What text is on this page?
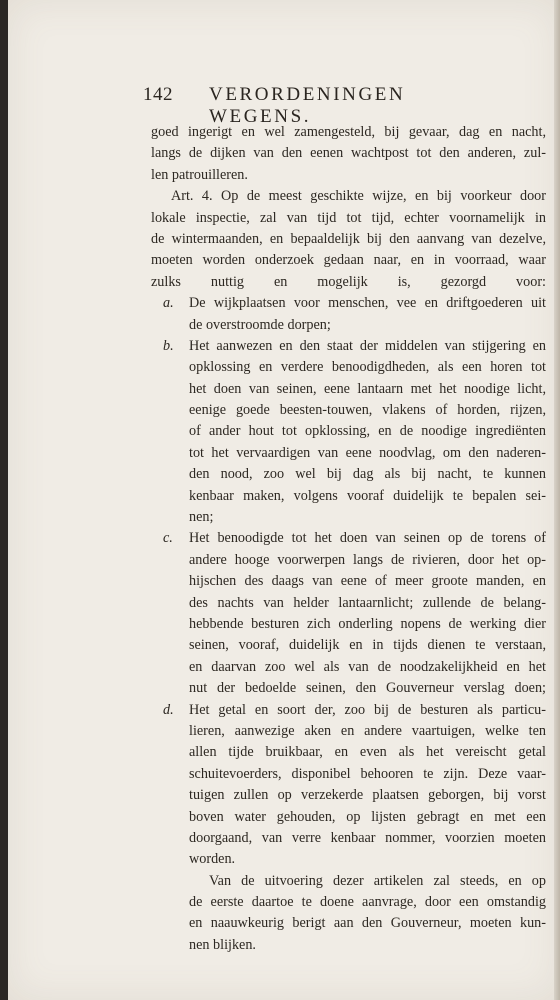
142 VERORDENINGEN WEGENS.
goed ingerigt en wel zamengesteld, bij gevaar, dag en nacht,
langs de dijken van den eenen wachtpost tot den anderen, zul-
len patrouilleren.
Art. 4. Op de meest geschikte wijze, en bij voorkeur door
lokale inspectie, zal van tijd tot tijd, echter voornamelijk in
de wintermaanden, en bepaaldelijk bij den aanvang van dezelve,
moeten worden onderzoek gedaan naar, en in voorraad, waar
zulks nuttig en mogelijk is, gezorgd voor:
a. De wijkplaatsen voor menschen, vee en driftgoederen uit
de overstroomde dorpen;
b. Het aanwezen en den staat der middelen van stijgering en
opklossing en verdere benoodigdheden, als een horen tot
het doen van seinen, eene lantaarn met het noodige licht,
eenige goede beesten-touwen, vlakens of horden, rijzen,
of ander hout tot opklossing, en de noodige ingrediënten
tot het vervaardigen van eene noodvlag, om den naderen-
den nood, zoo wel bij dag als bij nacht, te kunnen
kenbaar maken, volgens vooraf duidelijk te bepalen sei-
nen;
c. Het benoodigde tot het doen van seinen op de torens of
andere hooge voorwerpen langs de rivieren, door het op-
hijschen des daags van eene of meer groote manden, en
des nachts van helder lantaarnlicht; zullende de belang-
hebbende besturen zich onderling nopens de werking dier
seinen, vooraf, duidelijk en in tijds dienen te verstaan,
en daarvan zoo wel als van de noodzakelijkheid en het
nut der bedoelde seinen, den Gouverneur verslag doen;
d. Het getal en soort der, zoo bij de besturen als particu-
lieren, aanwezige aken en andere vaartuigen, welke ten
allen tijde bruikbaar, en even als het vereischt getal
schuitevoerders, disponibel behooren te zijn. Deze vaar-
tuigen zullen op verzekerde plaatsen geborgen, bij vorst
boven water gehouden, op lijsten gebragt en met een
doorgaand, van verre kenbaar nommer, voorzien moeten
worden.
Van de uitvoering dezer artikelen zal steeds, en op
de eerste daartoe te doene aanvrage, door een omstandig
en naauwkeurig berigt aan den Gouverneur, moeten kun-
nen blijken.
